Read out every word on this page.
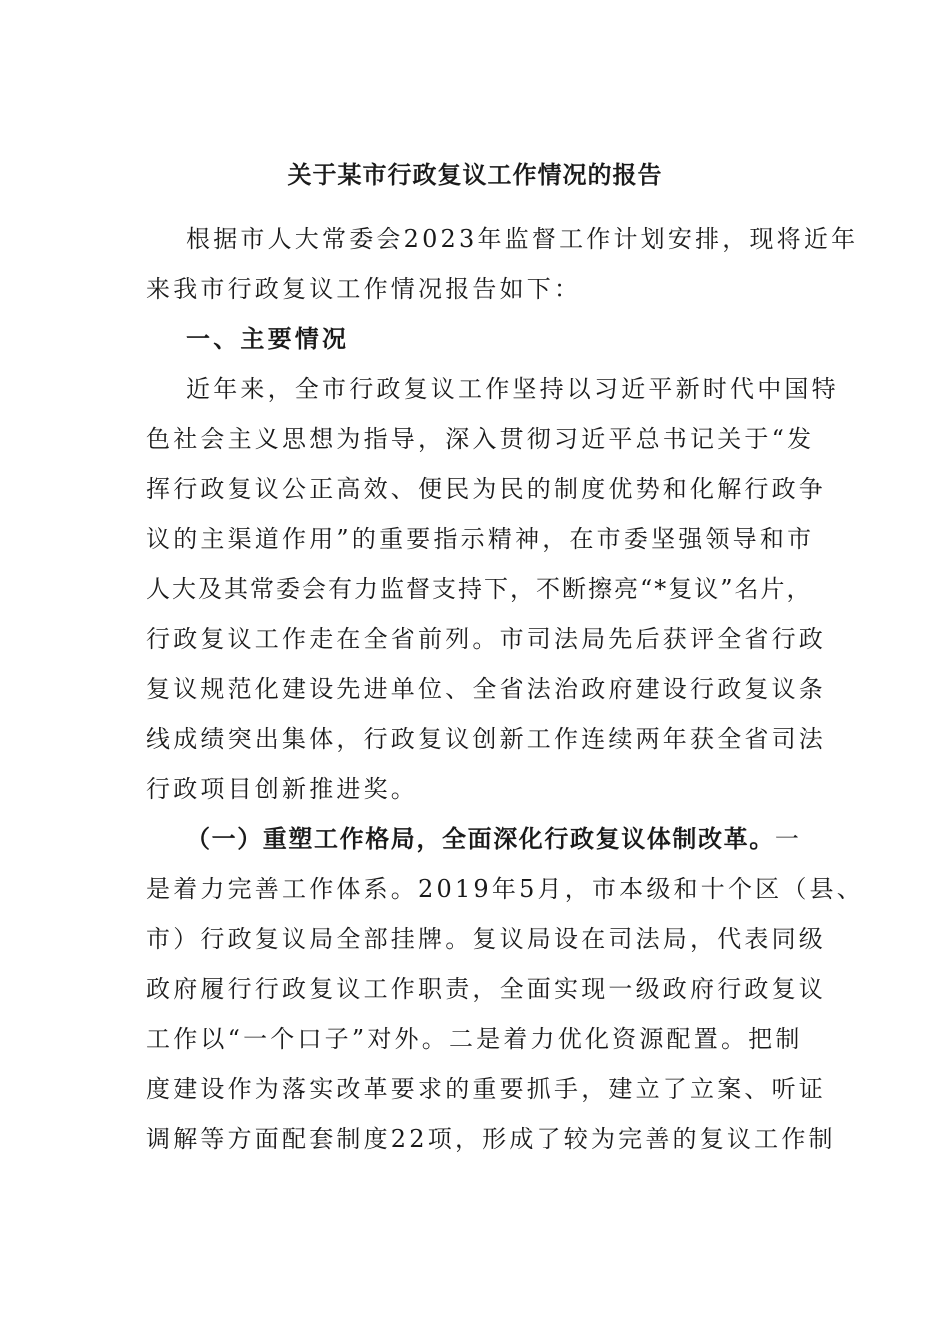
关于某市行政复议工作情况的报告
根据市人大常委会2023年监督工作计划安排，现将近年
来我市行政复议工作情况报告如下：
一、主要情况
近年来，全市行政复议工作坚持以习近平新时代中国特
色社会主义思想为指导，深入贯彻习近平总书记关于“发
挥行政复议公正高效、便民为民的制度优势和化解行政争
议的主渠道作用”的重要指示精神，在市委坚强领导和市
人大及其常委会有力监督支持下，不断擦亮“*复议”名片，
行政复议工作走在全省前列。市司法局先后获评全省行政
复议规范化建设先进单位、全省法治政府建设行政复议条
线成绩突出集体，行政复议创新工作连续两年获全省司法
行政项目创新推进奖。
（一）重塑工作格局，全面深化行政复议体制改革。一
是着力完善工作体系。2019年5月，市本级和十个区（县、
市）行政复议局全部挂牌。复议局设在司法局，代表同级
政府履行行政复议工作职责，全面实现一级政府行政复议
工作以“一个口子”对外。二是着力优化资源配置。把制
度建设作为落实改革要求的重要抓手，建立了立案、听证
调解等方面配套制度22项，形成了较为完善的复议工作制
